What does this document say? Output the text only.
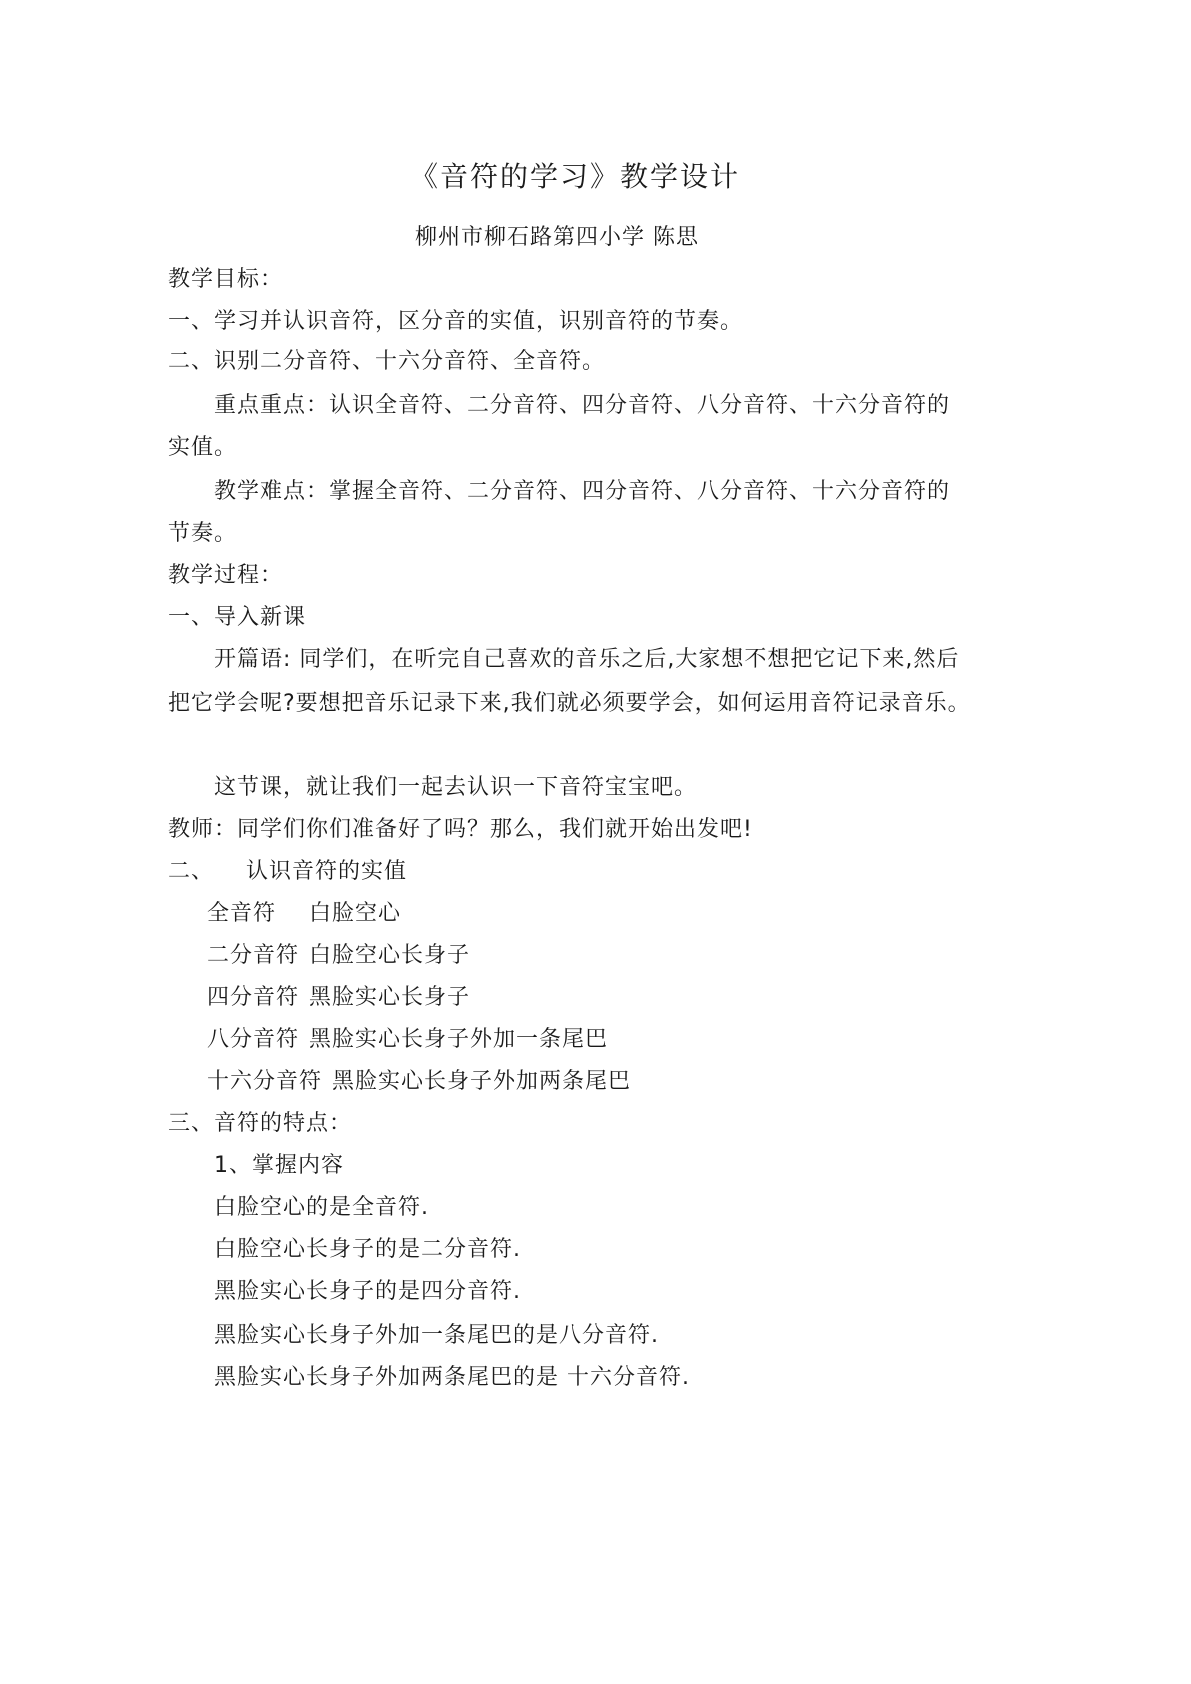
《音符的学习》教学设计
柳州市柳石路第四小学 陈思
教学目标：
一、学习并认识音符，区分音的实值，识别音符的节奏。
二、识别二分音符、十六分音符、全音符。
重点重点：认识全音符、二分音符、四分音符、八分音符、十六分音符的
实值。
教学难点：掌握全音符、二分音符、四分音符、八分音符、十六分音符的
节奏。
教学过程：
一、导入新课
开篇语: 同学们，在听完自己喜欢的音乐之后,大家想不想把它记下来,然后
把它学会呢?要想把音乐记录下来,我们就必须要学会，如何运用音符记录音乐。
这节课，就让我们一起去认识一下音符宝宝吧。
教师：同学们你们准备好了吗？那么，我们就开始出发吧!
二、 认识音符的实值
全音符 白脸空心
二分音符 白脸空心长身子
四分音符 黑脸实心长身子
八分音符 黑脸实心长身子外加一条尾巴
十六分音符 黑脸实心长身子外加两条尾巴
三、音符的特点：
1、掌握内容
白脸空心的是全音符.
白脸空心长身子的是二分音符.
黑脸实心长身子的是四分音符.
黑脸实心长身子外加一条尾巴的是八分音符.
黑脸实心长身子外加两条尾巴的是 十六分音符.
